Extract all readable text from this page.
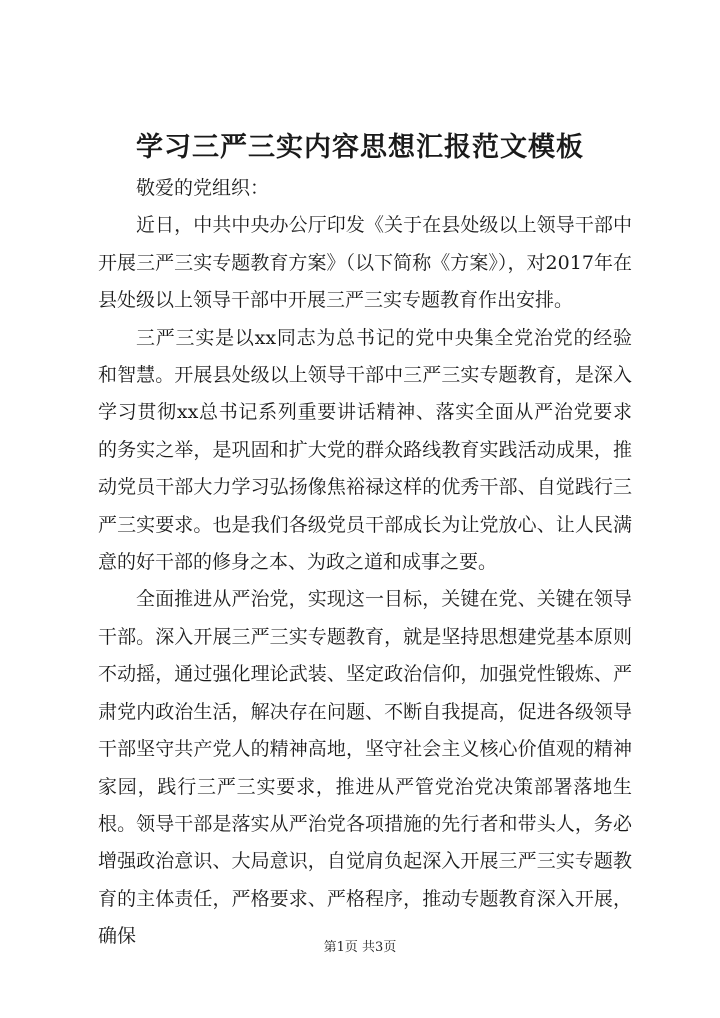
学习三严三实内容思想汇报范文模板

敬爱的党组织：

近日，中共中央办公厅印发《关于在县处级以上领导干部中开展三严三实专题教育方案》（以下简称《方案》），对2017年在县处级以上领导干部中开展三严三实专题教育作出安排。

三严三实是以xx同志为总书记的党中央集全党治党的经验和智慧。开展县处级以上领导干部中三严三实专题教育，是深入学习贯彻xx总书记系列重要讲话精神、落实全面从严治党要求的务实之举，是巩固和扩大党的群众路线教育实践活动成果，推动党员干部大力学习弘扬像焦裕禄这样的优秀干部、自觉践行三严三实要求。也是我们各级党员干部成长为让党放心、让人民满意的好干部的修身之本、为政之道和成事之要。

全面推进从严治党，实现这一目标，关键在党、关键在领导干部。深入开展三严三实专题教育，就是坚持思想建党基本原则不动摇，通过强化理论武装、坚定政治信仰，加强党性锻炼、严肃党内政治生活，解决存在问题、不断自我提高，促进各级领导干部坚守共产党人的精神高地，坚守社会主义核心价值观的精神家园，践行三严三实要求，推进从严管党治党决策部署落地生根。领导干部是落实从严治党各项措施的先行者和带头人，务必增强政治意识、大局意识，自觉肩负起深入开展三严三实专题教育的主体责任，严格要求、严格程序，推动专题教育深入开展，确保

第1页 共3页
